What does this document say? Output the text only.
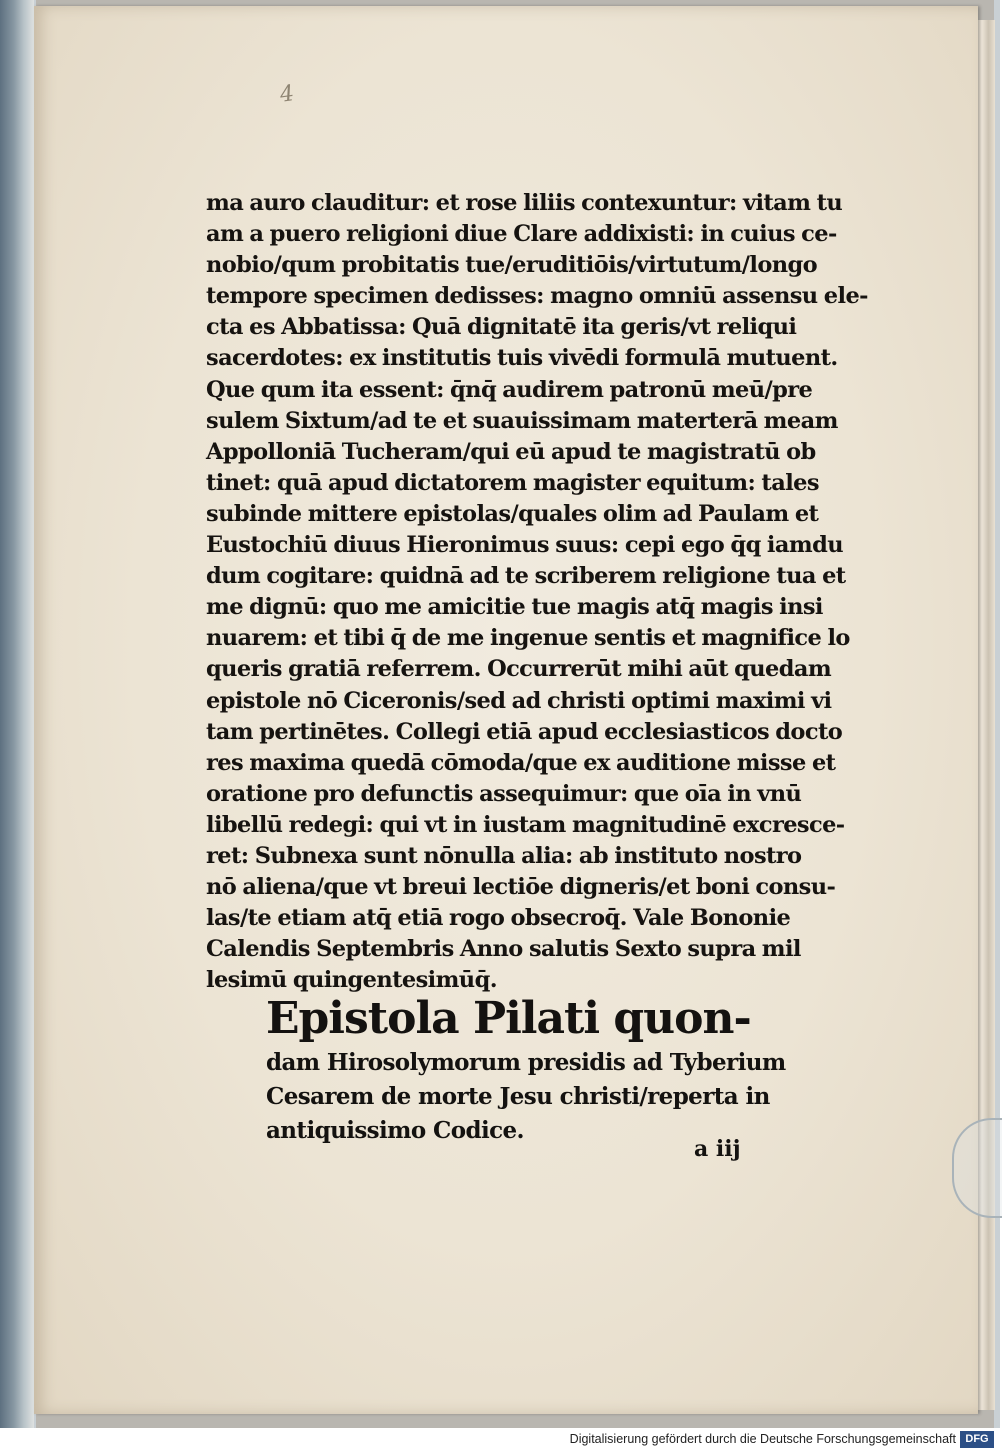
4
ma auro clauditur: et rose liliis contexuntur: vitam tu
am a puero religioni diue Clare addixisti: in cuius ce-
nobio/qum probitatis tue/eruditiōis/virtutum/longo
tempore specimen dedisses: magno omniū assensu ele-
cta es Abbatissa: Quā dignitatē ita geris/vt reliqui
sacerdotes: ex institutis tuis vivēdi formulā mutuent.
Que qum ita essent: q̄nq̄ audirem patronū meū/pre
sulem Sixtum/ad te et suauissimam materterā meam
Appolloniā Tucheram/qui eū apud te magistratū ob
tinet: quā apud dictatorem magister equitum: tales
subinde mittere epistolas/quales olim ad Paulam et
Eustochiū diuus Hieronimus suus: cepi ego q̄q iamdu
dum cogitare: quidnā ad te scriberem religione tua et
me dignū: quo me amicitie tue magis atq̄ magis insi
nuarem: et tibi q̄ de me ingenue sentis et magnifice lo
queris gratiā referrem. Occurrerūt mihi aūt quedam
epistole nō Ciceronis/sed ad christi optimi maximi vi
tam pertinētes. Collegi etiā apud ecclesiasticos docto
res maxima quedā cōmoda/que ex auditione misse et
oratione pro defunctis assequimur: que oīa in vnū
libellū redegi: qui vt in iustam magnitudinē excresce-
ret: Subnexa sunt nōnulla alia: ab instituto nostro
nō aliena/que vt breui lectiōe digneris/et boni consu-
las/te etiam atq̄ etiā rogo obsecroq̄. Vale Bononie
Calendis Septembris Anno salutis Sexto supra mil
lesimū quingentesimūq̄.
Epistola Pilati quon-
dam Hirosolymorum presidis ad Tyberium
Cesarem de morte Jesu christi/reperta in
antiquissimo Codice.
a iij
Digitalisierung gefördert durch die Deutsche Forschungsgemeinschaft DFG
